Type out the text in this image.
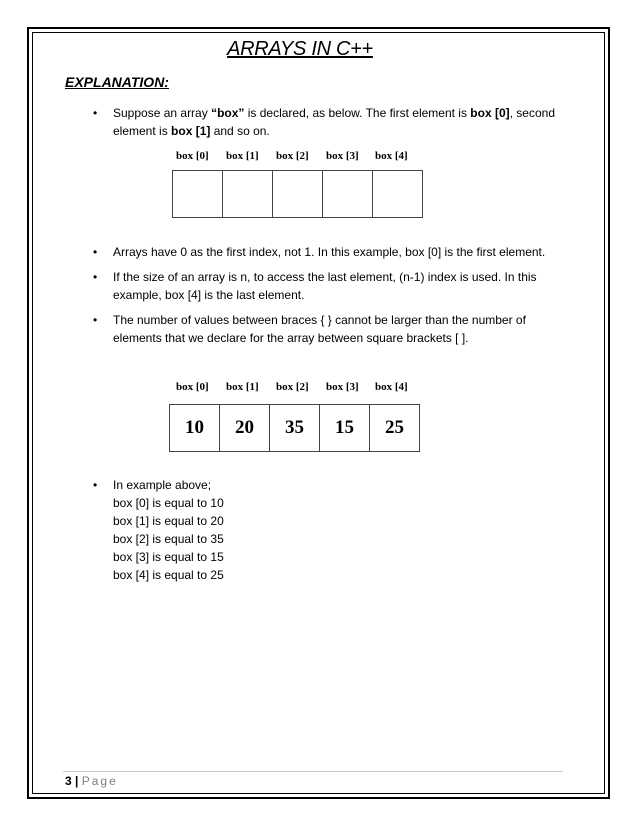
ARRAYS IN C++
EXPLANATION:
• Suppose an array “box” is declared, as below. The first element is box [0], second element is box [1] and so on.
box [0] box [1] box [2] box [3] box [4]
• Arrays have 0 as the first index, not 1. In this example, box [0] is the first element.
• If the size of an array is n, to access the last element, (n-1) index is used. In this example, box [4] is the last element.
• The number of values between braces { } cannot be larger than the number of elements that we declare for the array between square brackets [ ].
box [0] box [1] box [2] box [3] box [4]
10	20	35	15	25
• In example above;
box [0] is equal to 10
box [1] is equal to 20
box [2] is equal to 35
box [3] is equal to 15
box [4] is equal to 25
3 | Page
